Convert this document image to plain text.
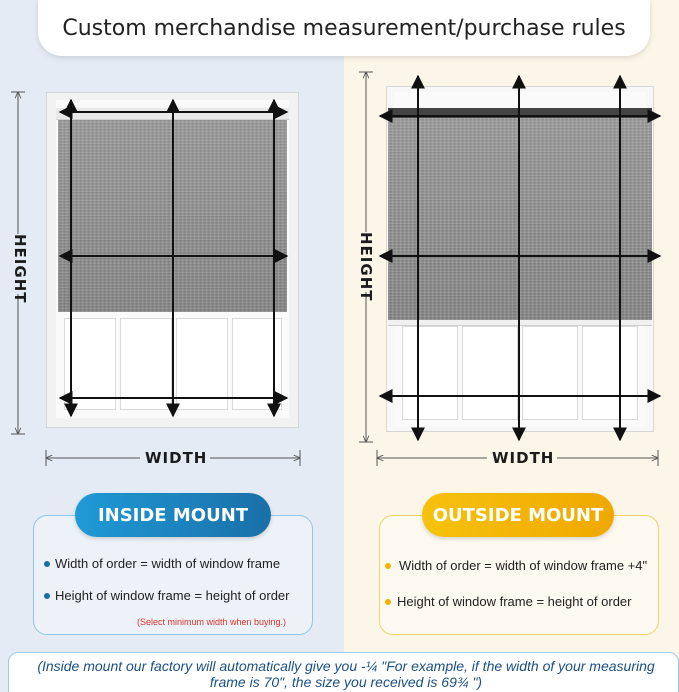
Custom merchandise measurement/purchase rules
HEIGHT
WIDTH
HEIGHT
WIDTH
INSIDE MOUNT	OUTSIDE MOUNT
Width of order = width of window frame
Height of window frame = height of order
(Select minimum width when buying.)
Width of order = width of window frame +4"
Height of window frame = height of order
(Inside mount our factory will automatically give you -¼ "For example, if the width of your measuring frame is 70", the size you received is 69¾ ")
